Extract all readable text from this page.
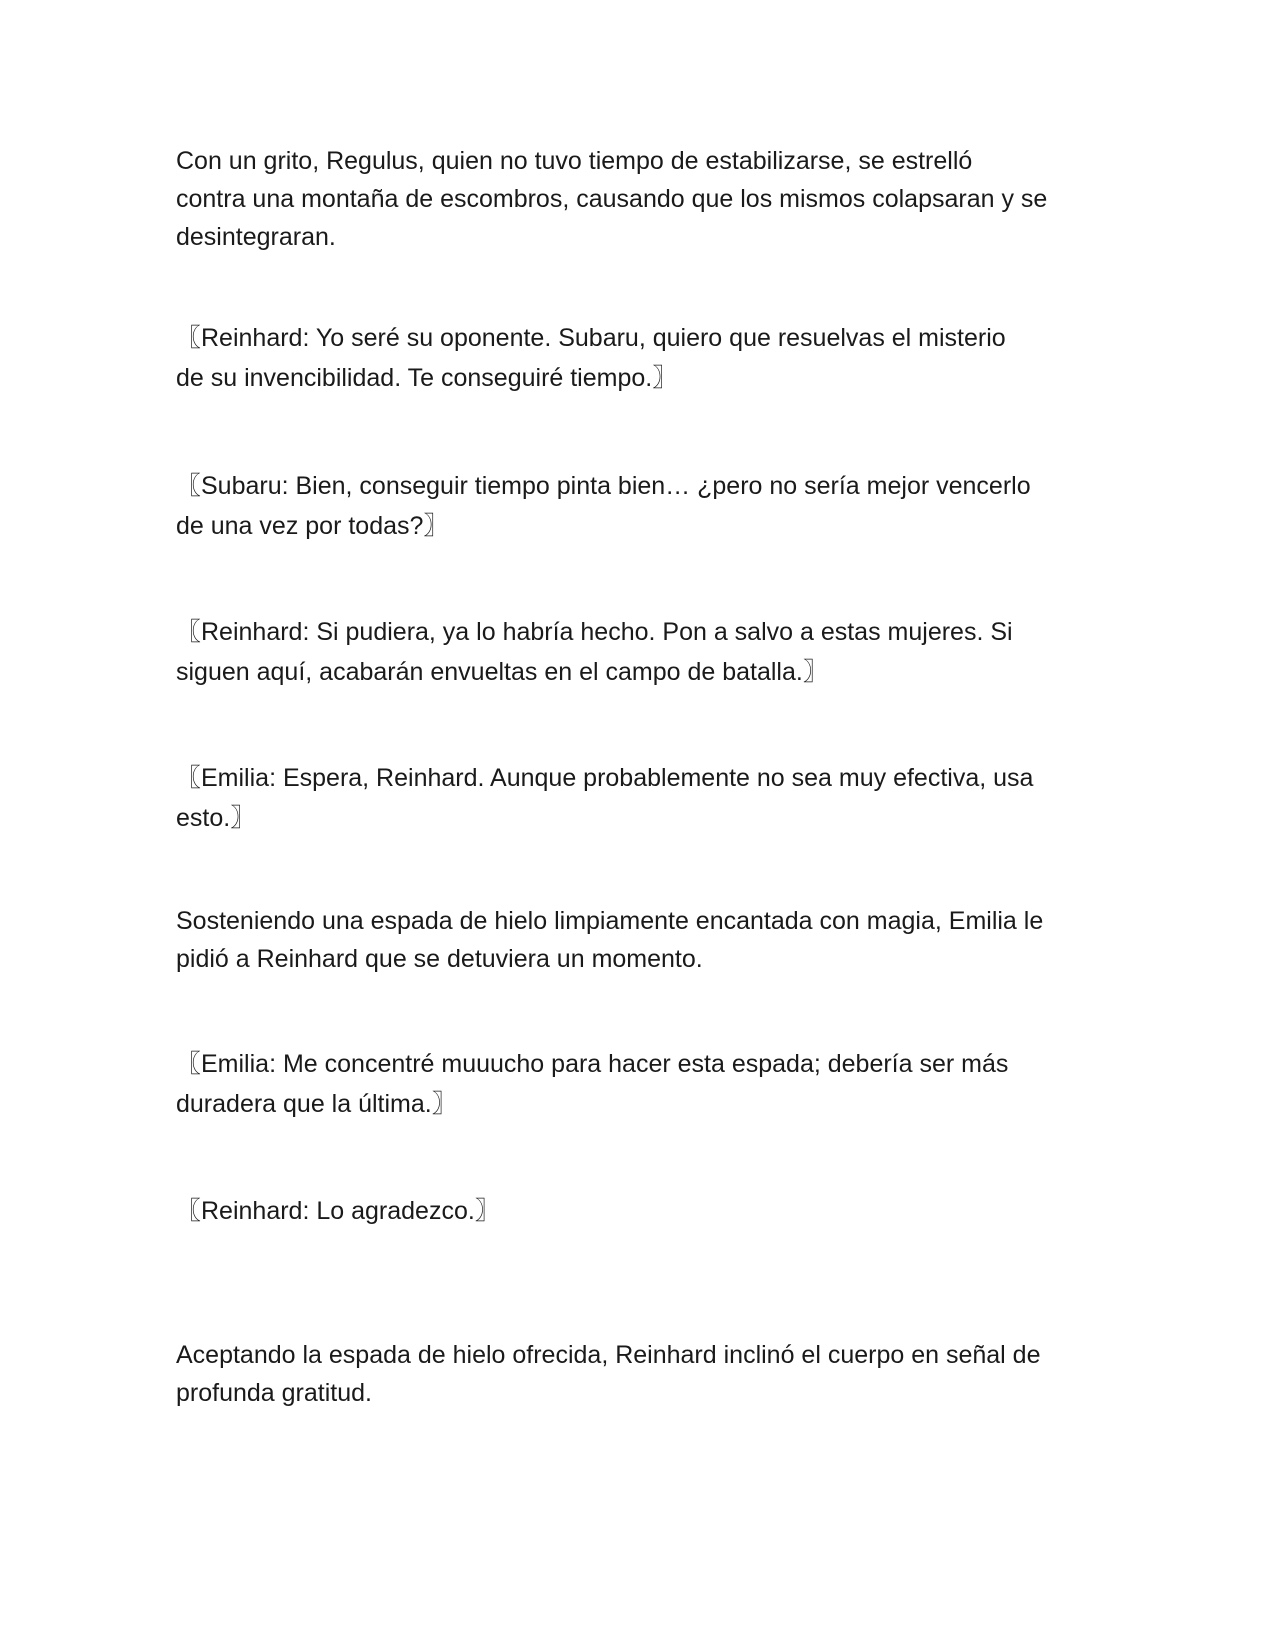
Con un grito, Regulus, quien no tuvo tiempo de estabilizarse, se estrelló
contra una montaña de escombros, causando que los mismos colapsaran y se
desintegraran.

〖Reinhard: Yo seré su oponente. Subaru, quiero que resuelvas el misterio
de su invencibilidad. Te conseguiré tiempo.〗

〖Subaru: Bien, conseguir tiempo pinta bien… ¿pero no sería mejor vencerlo
de una vez por todas?〗

〖Reinhard: Si pudiera, ya lo habría hecho. Pon a salvo a estas mujeres. Si
siguen aquí, acabarán envueltas en el campo de batalla.〗

〖Emilia: Espera, Reinhard. Aunque probablemente no sea muy efectiva, usa
esto.〗

Sosteniendo una espada de hielo limpiamente encantada con magia, Emilia le
pidió a Reinhard que se detuviera un momento.

〖Emilia: Me concentré muuucho para hacer esta espada; debería ser más
duradera que la última.〗

〖Reinhard: Lo agradezco.〗

Aceptando la espada de hielo ofrecida, Reinhard inclinó el cuerpo en señal de
profunda gratitud.
